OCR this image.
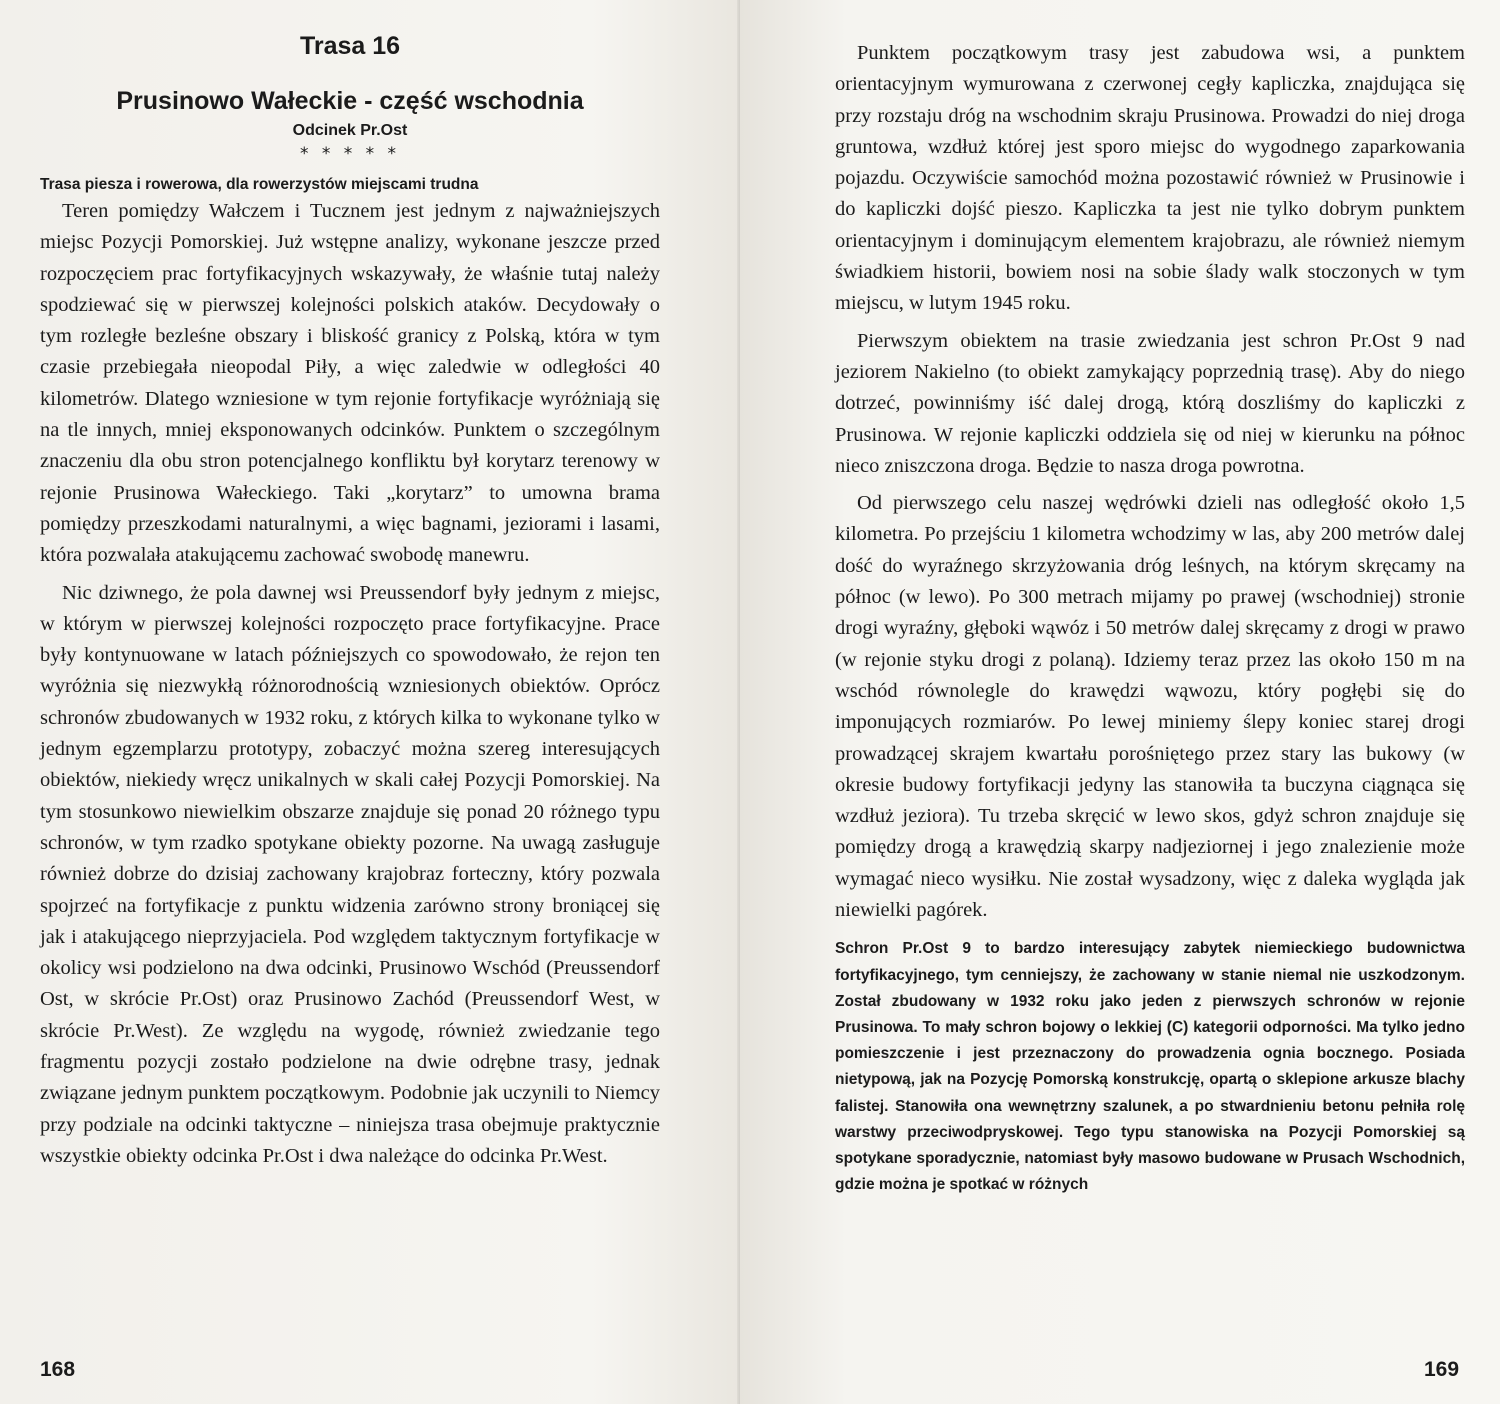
Trasa 16
Prusinowo Wałeckie - część wschodnia
Odcinek Pr.Ost
* * * * *
Trasa piesza i rowerowa, dla rowerzystów miejscami trudna

Teren pomiędzy Wałczem i Tucznem jest jednym z najważniejszych miejsc Pozycji Pomorskiej. Już wstępne analizy, wykonane jeszcze przed rozpoczęciem prac fortyfikacyjnych wskazywały, że właśnie tutaj należy spodziewać się w pierwszej kolejności polskich ataków. Decydowały o tym rozległe bezleśne obszary i bliskość granicy z Polską, która w tym czasie przebiegała nieopodal Piły, a więc zaledwie w odległości 40 kilometrów. Dlatego wzniesione w tym rejonie fortyfikacje wyróżniają się na tle innych, mniej eksponowanych odcinków. Punktem o szczególnym znaczeniu dla obu stron potencjalnego konfliktu był korytarz terenowy w rejonie Prusinowa Wałeckiego. Taki „korytarz” to umowna brama pomiędzy przeszkodami naturalnymi, a więc bagnami, jeziorami i lasami, która pozwalała atakującemu zachować swobodę manewru.

Nic dziwnego, że pola dawnej wsi Preussendorf były jednym z miejsc, w którym w pierwszej kolejności rozpoczęto prace fortyfikacyjne. Prace były kontynuowane w latach późniejszych co spowodowało, że rejon ten wyróżnia się niezwykłą różnorodnością wzniesionych obiektów. Oprócz schronów zbudowanych w 1932 roku, z których kilka to wykonane tylko w jednym egzemplarzu prototypy, zobaczyć można szereg interesujących obiektów, niekiedy wręcz unikalnych w skali całej Pozycji Pomorskiej. Na tym stosunkowo niewielkim obszarze znajduje się ponad 20 różnego typu schronów, w tym rzadko spotykane obiekty pozorne. Na uwagą zasługuje również dobrze do dzisiaj zachowany krajobraz forteczny, który pozwala spojrzeć na fortyfikacje z punktu widzenia zarówno strony broniącej się jak i atakującego nieprzyjaciela. Pod względem taktycznym fortyfikacje w okolicy wsi podzielono na dwa odcinki, Prusinowo Wschód (Preussendorf Ost, w skrócie Pr.Ost) oraz Prusinowo Zachód (Preussendorf West, w skrócie Pr.West). Ze względu na wygodę, również zwiedzanie tego fragmentu pozycji zostało podzielone na dwie odrębne trasy, jednak związane jednym punktem początkowym. Podobnie jak uczynili to Niemcy przy podziale na odcinki taktyczne – niniejsza trasa obejmuje praktycznie wszystkie obiekty odcinka Pr.Ost i dwa należące do odcinka Pr.West.

168

Punktem początkowym trasy jest zabudowa wsi, a punktem orientacyjnym wymurowana z czerwonej cegły kapliczka, znajdująca się przy rozstaju dróg na wschodnim skraju Prusinowa. Prowadzi do niej droga gruntowa, wzdłuż której jest sporo miejsc do wygodnego zaparkowania pojazdu. Oczywiście samochód można pozostawić również w Prusinowie i do kapliczki dojść pieszo. Kapliczka ta jest nie tylko dobrym punktem orientacyjnym i dominującym elementem krajobrazu, ale również niemym świadkiem historii, bowiem nosi na sobie ślady walk stoczonych w tym miejscu, w lutym 1945 roku.

Pierwszym obiektem na trasie zwiedzania jest schron Pr.Ost 9 nad jeziorem Nakielno (to obiekt zamykający poprzednią trasę). Aby do niego dotrzeć, powinniśmy iść dalej drogą, którą doszliśmy do kapliczki z Prusinowa. W rejonie kapliczki oddziela się od niej w kierunku na północ nieco zniszczona droga. Będzie to nasza droga powrotna.

Od pierwszego celu naszej wędrówki dzieli nas odległość około 1,5 kilometra. Po przejściu 1 kilometra wchodzimy w las, aby 200 metrów dalej dość do wyraźnego skrzyżowania dróg leśnych, na którym skręcamy na północ (w lewo). Po 300 metrach mijamy po prawej (wschodniej) stronie drogi wyraźny, głęboki wąwóz i 50 metrów dalej skręcamy z drogi w prawo (w rejonie styku drogi z polaną). Idziemy teraz przez las około 150 m na wschód równolegle do krawędzi wąwozu, który pogłębi się do imponujących rozmiarów. Po lewej miniemy ślepy koniec starej drogi prowadzącej skrajem kwartału porośniętego przez stary las bukowy (w okresie budowy fortyfikacji jedyny las stanowiła ta buczyna ciągnąca się wzdłuż jeziora). Tu trzeba skręcić w lewo skos, gdyż schron znajduje się pomiędzy drogą a krawędzią skarpy nadjeziornej i jego znalezienie może wymagać nieco wysiłku. Nie został wysadzony, więc z daleka wygląda jak niewielki pagórek.

Schron Pr.Ost 9 to bardzo interesujący zabytek niemieckiego budownictwa fortyfikacyjnego, tym cenniejszy, że zachowany w stanie niemal nie uszkodzonym. Został zbudowany w 1932 roku jako jeden z pierwszych schronów w rejonie Prusinowa. To mały schron bojowy o lekkiej (C) kategorii odporności. Ma tylko jedno pomieszczenie i jest przeznaczony do prowadzenia ognia bocznego. Posiada nietypową, jak na Pozycję Pomorską konstrukcję, opartą o sklepione arkusze blachy falistej. Stanowiła ona wewnętrzny szalunek, a po stwardnieniu betonu pełniła rolę warstwy przeciwodpryskowej. Tego typu stanowiska na Pozycji Pomorskiej są spotykane sporadycznie, natomiast były masowo budowane w Prusach Wschodnich, gdzie można je spotkać w różnych

169
